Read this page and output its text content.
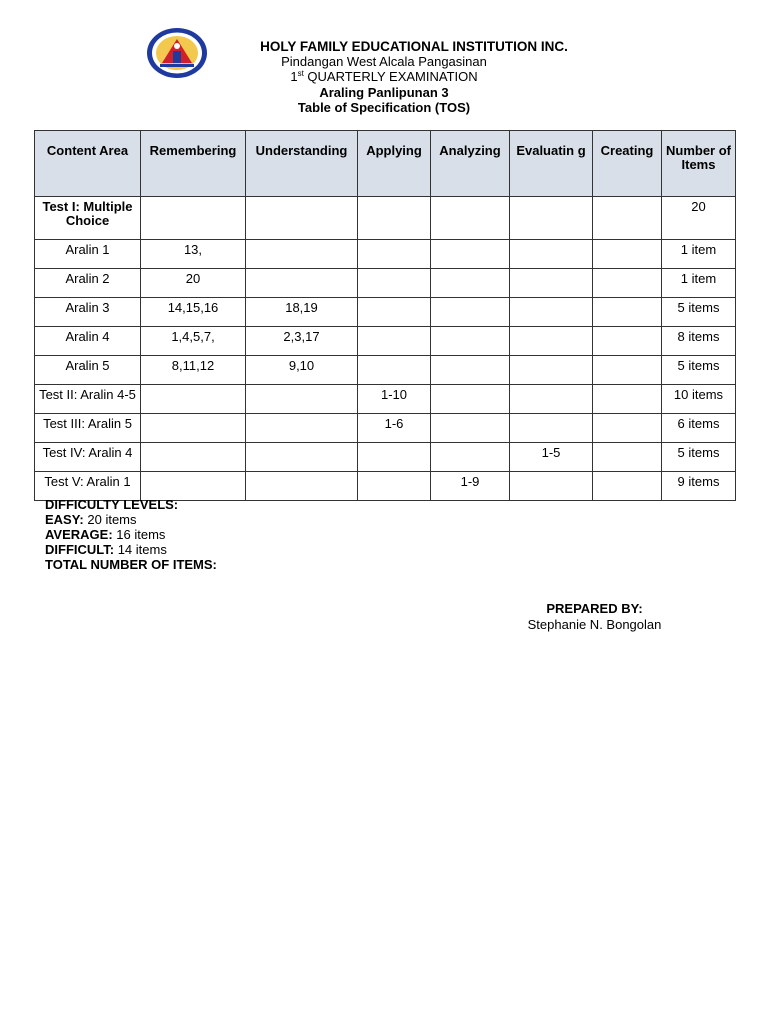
HOLY FAMILY EDUCATIONAL INSTITUTION INC.
Pindangan West Alcala Pangasinan
1st QUARTERLY EXAMINATION
Araling Panlipunan 3
Table of Specification (TOS)
Content Area	Remembering	Understanding	Applying	Analyzing	Evaluatin g	Creating	Number of Items
Test I: Multiple Choice							20
Aralin 1	13,						1 item
Aralin 2	20						1 item
Aralin 3	14,15,16	18,19					5 items
Aralin 4	1,4,5,7,	2,3,17					8 items
Aralin 5	8,11,12	9,10					5 items
Test II: Aralin 4-5			1-10				10 items
Test III: Aralin 5			1-6				6 items
Test IV: Aralin 4					1-5		5 items
Test V: Aralin 1				1-9			9 items
DIFFICULTY LEVELS:
EASY: 20 items
AVERAGE: 16 items
DIFFICULT: 14 items
TOTAL NUMBER OF ITEMS:
PREPARED BY:
Stephanie N. Bongolan
